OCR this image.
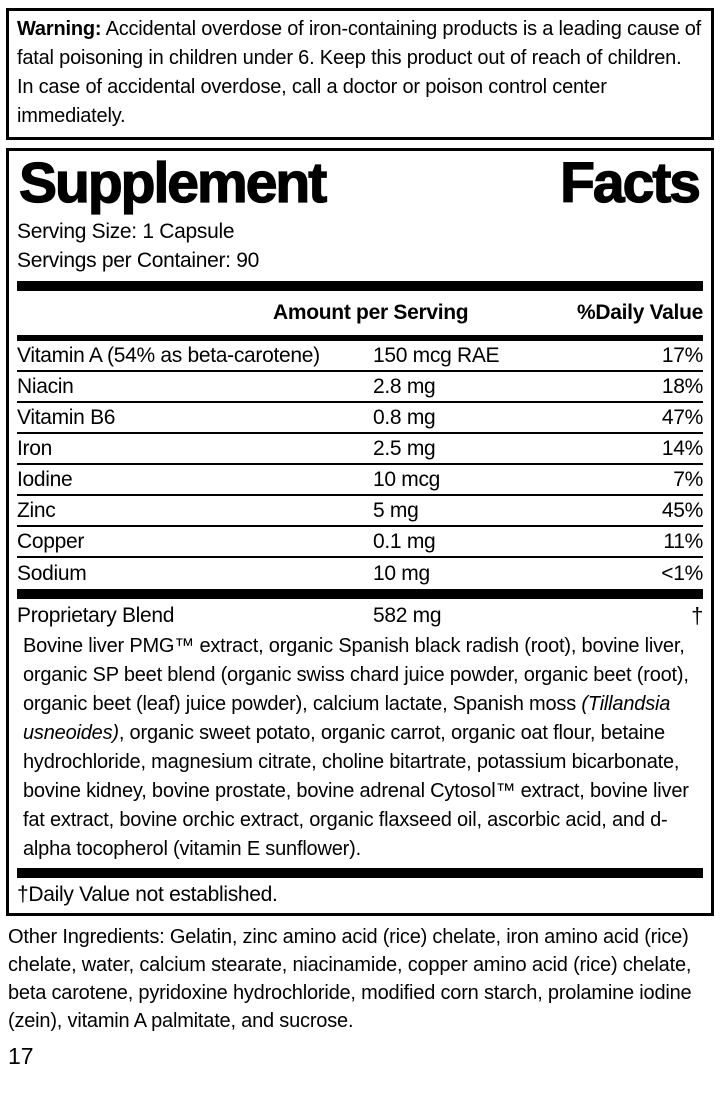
Warning: Accidental overdose of iron-containing products is a leading cause of fatal poisoning in children under 6. Keep this product out of reach of children. In case of accidental overdose, call a doctor or poison control center immediately.
Supplement	Facts
Serving Size: 1 Capsule
Servings per Container: 90
Amount per Serving	%Daily Value
Vitamin A (54% as beta-carotene)	150 mcg RAE	17%
Niacin	2.8 mg	18%
Vitamin B6	0.8 mg	47%
Iron	2.5 mg	14%
Iodine	10 mcg	7%
Zinc	5 mg	45%
Copper	0.1 mg	11%
Sodium	10 mg	<1%
Proprietary Blend	582 mg	†
Bovine liver PMG™ extract, organic Spanish black radish (root), bovine liver, organic SP beet blend (organic swiss chard juice powder, organic beet (root), organic beet (leaf) juice powder), calcium lactate, Spanish moss (Tillandsia usneoides), organic sweet potato, organic carrot, organic oat flour, betaine hydrochloride, magnesium citrate, choline bitartrate, potassium bicarbonate, bovine kidney, bovine prostate, bovine adrenal Cytosol™ extract, bovine liver fat extract, bovine orchic extract, organic flaxseed oil, ascorbic acid, and d-alpha tocopherol (vitamin E sunflower).
†Daily Value not established.

Other Ingredients: Gelatin, zinc amino acid (rice) chelate, iron amino acid (rice) chelate, water, calcium stearate, niacinamide, copper amino acid (rice) chelate, beta carotene, pyridoxine hydrochloride, modified corn starch, prolamine iodine (zein), vitamin A palmitate, and sucrose.

17
